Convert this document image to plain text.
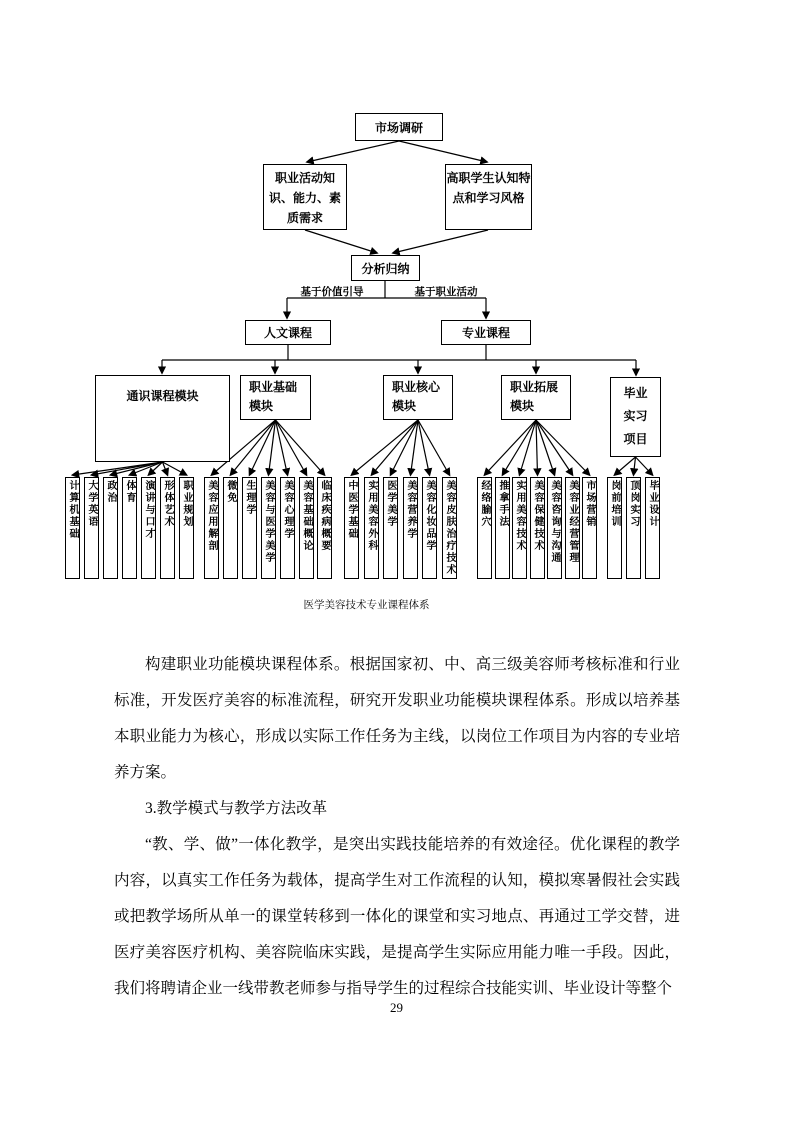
市场调研
职业活动知识、能力、素质需求
高职学生认知特点和学习风格
分析归纳
基于价值引导	基于职业活动
人文课程	专业课程
通识课程模块
职业基础模块
职业核心模块
职业拓展模块
毕业实习项目
计算机基础 大学英语 政治 体育 演讲与口才 形体艺术 职业规划 美容应用解剖 微免 生理学 美容与医学美学 美容心理学 美容基础概论 临床疾病概要 中医学基础 实用美容外科 医学美学 美容营养学 美容化妆品学 美容皮肤治疗技术 经络腧穴 推拿手法 实用美容技术 美容保健技术 美容咨询与沟通 美容业经营管理 市场营销 岗前培训 顶岗实习 毕业设计
医学美容技术专业课程体系

构建职业功能模块课程体系。根据国家初、中、高三级美容师考核标准和行业标准，开发医疗美容的标准流程，研究开发职业功能模块课程体系。形成以培养基本职业能力为核心，形成以实际工作任务为主线，以岗位工作项目为内容的专业培养方案。

3.教学模式与教学方法改革

“教、学、做”一体化教学，是突出实践技能培养的有效途径。优化课程的教学内容，以真实工作任务为载体，提高学生对工作流程的认知，模拟寒暑假社会实践或把教学场所从单一的课堂转移到一体化的课堂和实习地点、再通过工学交替，进医疗美容医疗机构、美容院临床实践，是提高学生实际应用能力唯一手段。因此，我们将聘请企业一线带教老师参与指导学生的过程综合技能实训、毕业设计等整个

29
